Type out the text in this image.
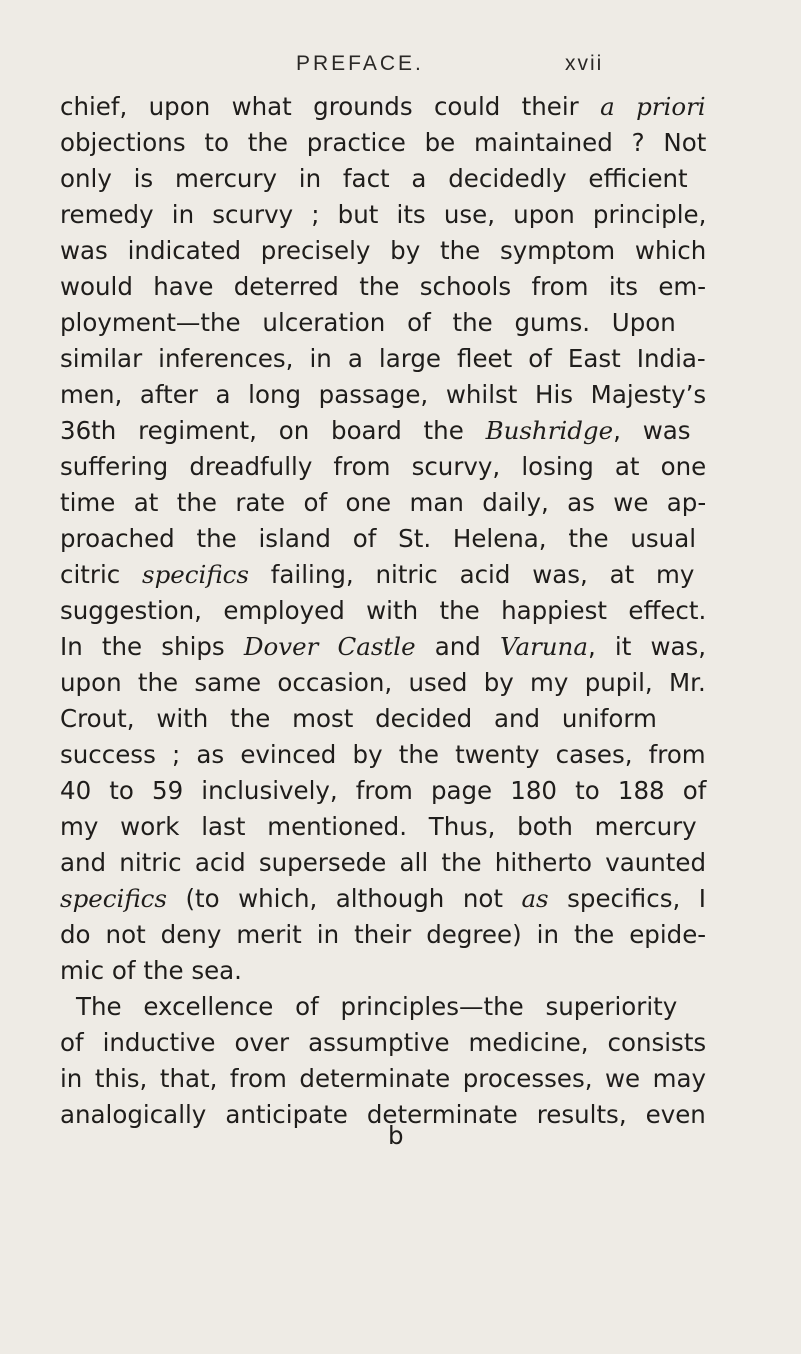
PREFACE.	xvii
chief, upon what grounds could their a priori
objections to the practice be maintained ? Not
only is mercury in fact a decidedly efficient
remedy in scurvy ; but its use, upon principle,
was indicated precisely by the symptom which
would have deterred the schools from its em-
ployment—the ulceration of the gums. Upon
similar inferences, in a large fleet of East India-
men, after a long passage, whilst His Majesty’s
36th regiment, on board the Bushridge, was
suffering dreadfully from scurvy, losing at one
time at the rate of one man daily, as we ap-
proached the island of St. Helena, the usual
citric specifics failing, nitric acid was, at my
suggestion, employed with the happiest effect.
In the ships Dover Castle and Varuna, it was,
upon the same occasion, used by my pupil, Mr.
Crout, with the most decided and uniform
success ; as evinced by the twenty cases, from
40 to 59 inclusively, from page 180 to 188 of
my work last mentioned. Thus, both mercury
and nitric acid supersede all the hitherto vaunted
specifics (to which, although not as specifics, I
do not deny merit in their degree) in the epide-
mic of the sea.
The excellence of principles—the superiority
of inductive over assumptive medicine, consists
in this, that, from determinate processes, we may
analogically anticipate determinate results, even
b
